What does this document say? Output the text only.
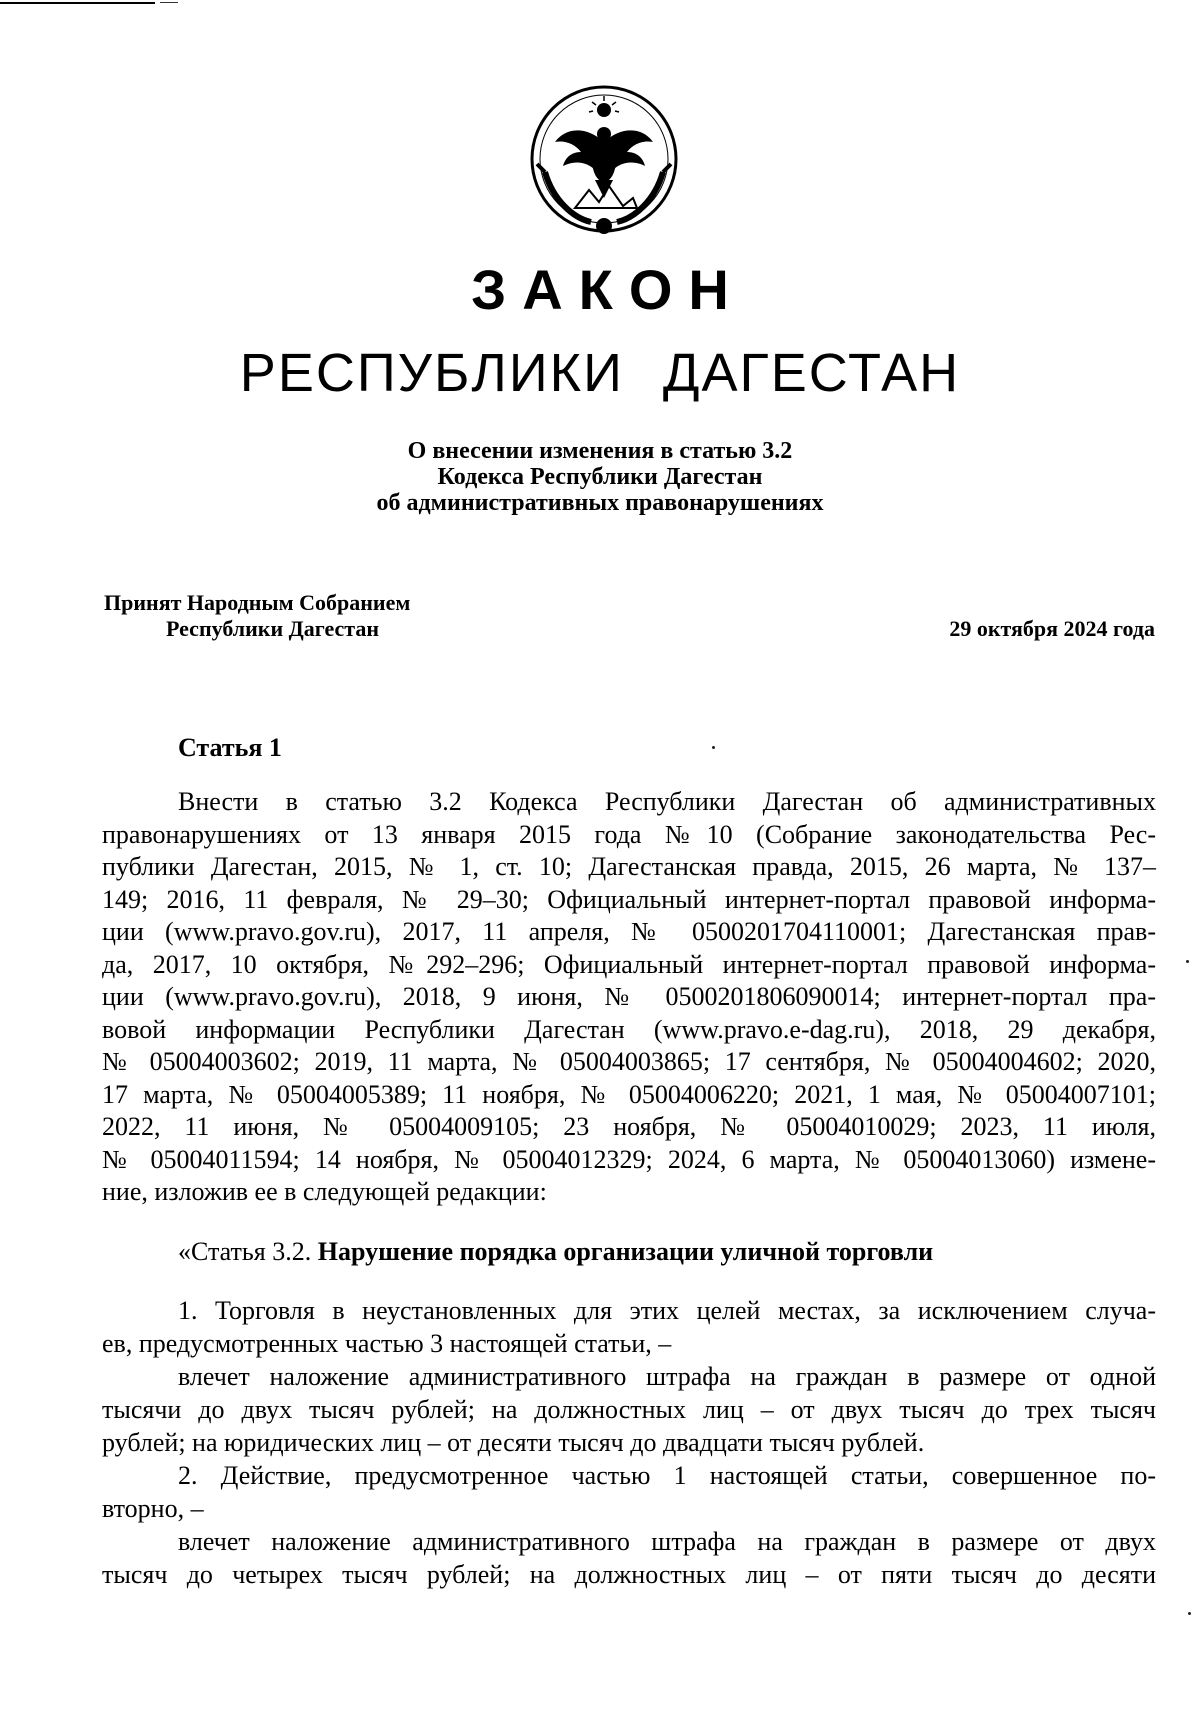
ЗАКОН
РЕСПУБЛИКИ ДАГЕСТАН
О внесении изменения в статью 3.2
Кодекса Республики Дагестан
об административных правонарушениях
Принят Народным Собранием
Республики Дагестан	29 октября 2024 года
Статья 1
Внести в статью 3.2 Кодекса Республики Дагестан об административных
правонарушениях от 13 января 2015 года №10 (Собрание законодательства Рес-
публики Дагестан, 2015, № 1, ст. 10; Дагестанская правда, 2015, 26 марта, № 137–
149; 2016, 11 февраля, № 29–30; Официальный интернет-портал правовой информа-
ции (www.pravo.gov.ru), 2017, 11 апреля, № 0500201704110001; Дагестанская прав-
да, 2017, 10 октября, №292–296; Официальный интернет-портал правовой информа-
ции (www.pravo.gov.ru), 2018, 9 июня, № 0500201806090014; интернет-портал пра-
вовой информации Республики Дагестан (www.pravo.e-dag.ru), 2018, 29 декабря,
№ 05004003602; 2019, 11 марта, № 05004003865; 17 сентября, № 05004004602; 2020,
17 марта, № 05004005389; 11 ноября, № 05004006220; 2021, 1 мая, № 05004007101;
2022, 11 июня, № 05004009105; 23 ноября, № 05004010029; 2023, 11 июля,
№ 05004011594; 14 ноября, № 05004012329; 2024, 6 марта, № 05004013060) измене-
ние, изложив ее в следующей редакции:
«Статья 3.2. Нарушение порядка организации уличной торговли
1. Торговля в неустановленных для этих целей местах, за исключением случа-
ев, предусмотренных частью 3 настоящей статьи, –
влечет наложение административного штрафа на граждан в размере от одной
тысячи до двух тысяч рублей; на должностных лиц – от двух тысяч до трех тысяч
рублей; на юридических лиц – от десяти тысяч до двадцати тысяч рублей.
2. Действие, предусмотренное частью 1 настоящей статьи, совершенное по-
вторно, –
влечет наложение административного штрафа на граждан в размере от двух
тысяч до четырех тысяч рублей; на должностных лиц – от пяти тысяч до десяти
